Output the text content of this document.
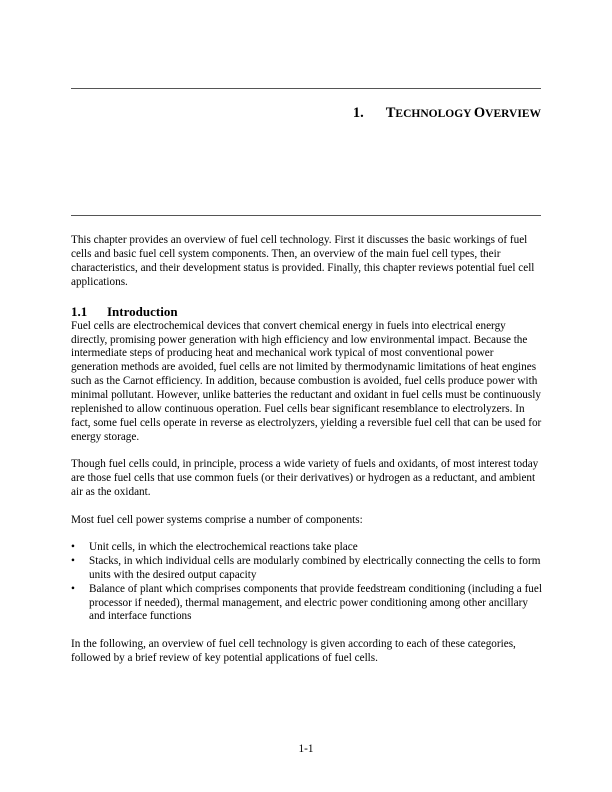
1. TECHNOLOGY OVERVIEW

This chapter provides an overview of fuel cell technology. First it discusses the basic workings of fuel cells and basic fuel cell system components. Then, an overview of the main fuel cell types, their characteristics, and their development status is provided. Finally, this chapter reviews potential fuel cell applications.

1.1 Introduction

Fuel cells are electrochemical devices that convert chemical energy in fuels into electrical energy directly, promising power generation with high efficiency and low environmental impact. Because the intermediate steps of producing heat and mechanical work typical of most conventional power generation methods are avoided, fuel cells are not limited by thermodynamic limitations of heat engines such as the Carnot efficiency. In addition, because combustion is avoided, fuel cells produce power with minimal pollutant. However, unlike batteries the reductant and oxidant in fuel cells must be continuously replenished to allow continuous operation. Fuel cells bear significant resemblance to electrolyzers. In fact, some fuel cells operate in reverse as electrolyzers, yielding a reversible fuel cell that can be used for energy storage.

Though fuel cells could, in principle, process a wide variety of fuels and oxidants, of most interest today are those fuel cells that use common fuels (or their derivatives) or hydrogen as a reductant, and ambient air as the oxidant.

Most fuel cell power systems comprise a number of components:

• Unit cells, in which the electrochemical reactions take place
• Stacks, in which individual cells are modularly combined by electrically connecting the cells to form units with the desired output capacity
• Balance of plant which comprises components that provide feedstream conditioning (including a fuel processor if needed), thermal management, and electric power conditioning among other ancillary and interface functions

In the following, an overview of fuel cell technology is given according to each of these categories, followed by a brief review of key potential applications of fuel cells.

1-1
